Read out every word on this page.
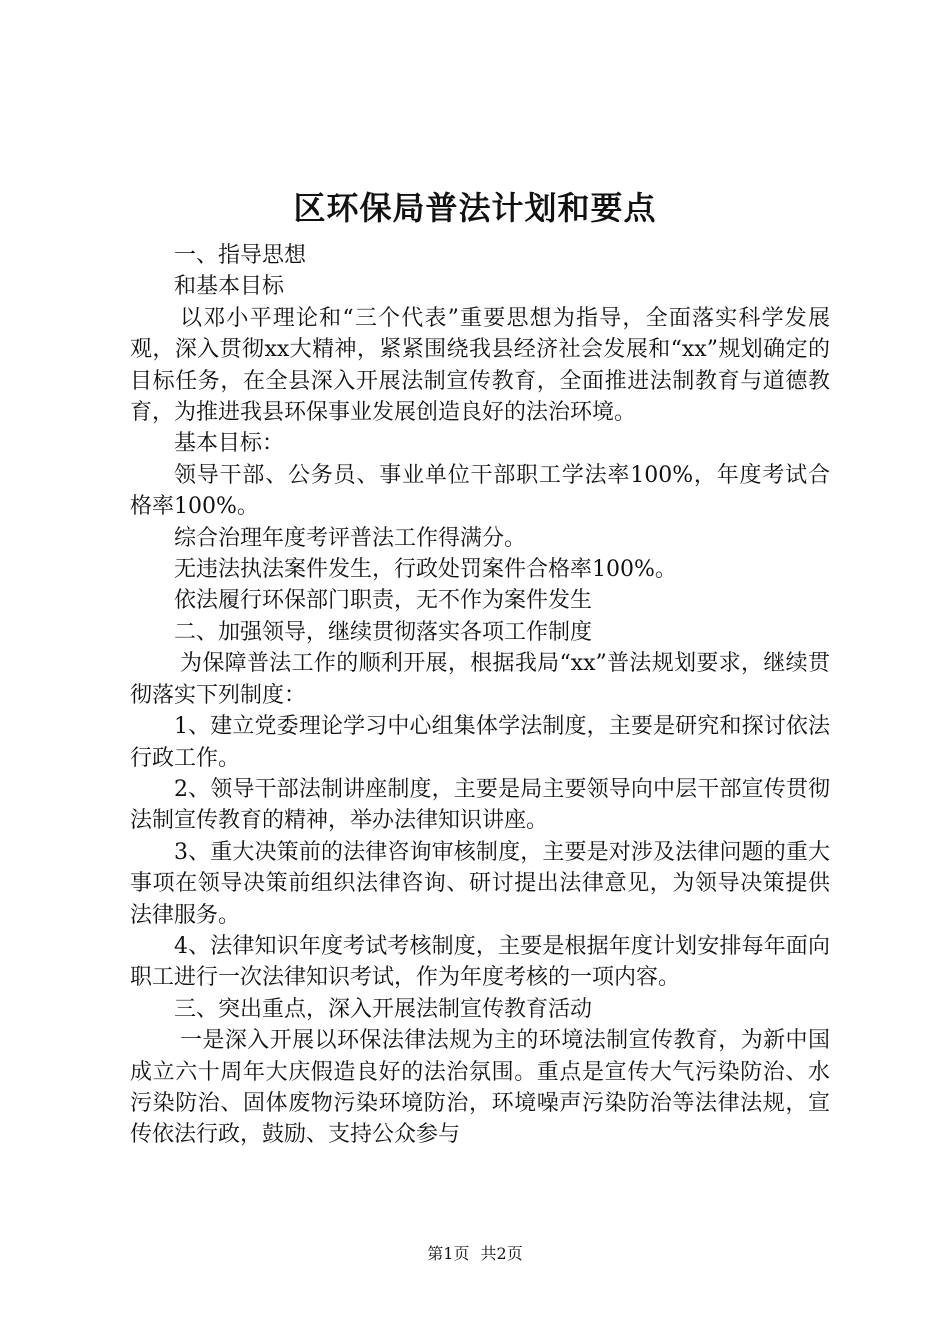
区环保局普法计划和要点

一、指导思想

和基本目标

以邓小平理论和“三个代表”重要思想为指导，全面落实科学发展观，深入贯彻xx大精神，紧紧围绕我县经济社会发展和“xx”规划确定的目标任务，在全县深入开展法制宣传教育，全面推进法制教育与道德教育，为推进我县环保事业发展创造良好的法治环境。

基本目标：

领导干部、公务员、事业单位干部职工学法率100%，年度考试合格率100%。

综合治理年度考评普法工作得满分。

无违法执法案件发生，行政处罚案件合格率100%。

依法履行环保部门职责，无不作为案件发生

二、加强领导，继续贯彻落实各项工作制度

为保障普法工作的顺利开展，根据我局“xx”普法规划要求，继续贯彻落实下列制度：

1、建立党委理论学习中心组集体学法制度，主要是研究和探讨依法行政工作。

2、领导干部法制讲座制度，主要是局主要领导向中层干部宣传贯彻法制宣传教育的精神，举办法律知识讲座。

3、重大决策前的法律咨询审核制度，主要是对涉及法律问题的重大事项在领导决策前组织法律咨询、研讨提出法律意见，为领导决策提供法律服务。

4、法律知识年度考试考核制度，主要是根据年度计划安排每年面向职工进行一次法律知识考试，作为年度考核的一项内容。

三、突出重点，深入开展法制宣传教育活动

一是深入开展以环保法律法规为主的环境法制宣传教育，为新中国成立六十周年大庆假造良好的法治氛围。重点是宣传大气污染防治、水污染防治、固体废物污染环境防治，环境噪声污染防治等法律法规，宣传依法行政，鼓励、支持公众参与

第1页 共2页
